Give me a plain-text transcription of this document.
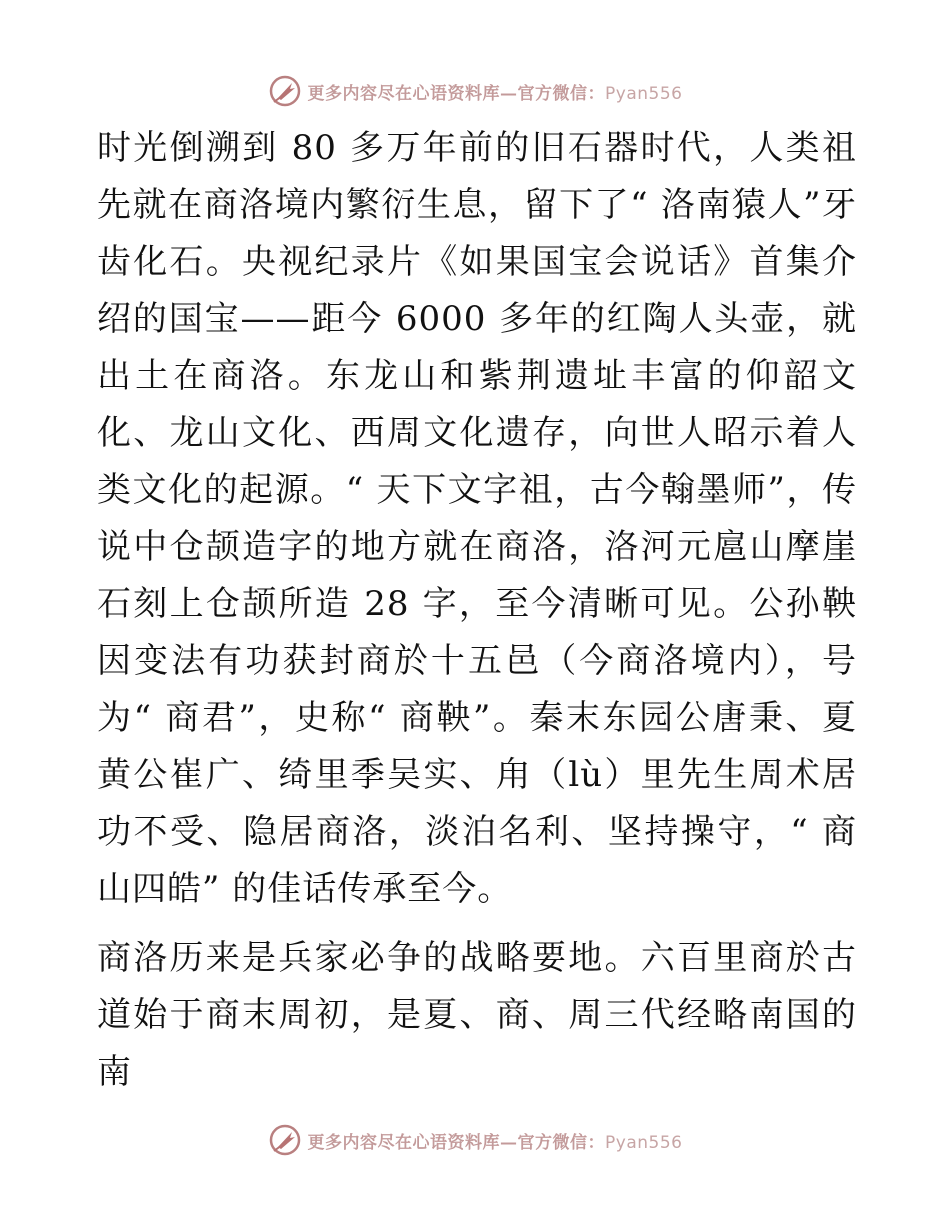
更多内容尽在心语资料库—官方微信：Pyan556

时光倒溯到 80 多万年前的旧石器时代，人类祖先就在商洛境内繁衍生息，留下了“ 洛南猿人”牙齿化石。央视纪录片《如果国宝会说话》首集介绍的国宝——距今 6000 多年的红陶人头壶，就出土在商洛。东龙山和紫荆遗址丰富的仰韶文化、龙山文化、西周文化遗存，向世人昭示着人类文化的起源。“ 天下文字祖，古今翰墨师”，传说中仓颉造字的地方就在商洛，洛河元扈山摩崖石刻上仓颉所造 28 字，至今清晰可见。公孙鞅因变法有功获封商於十五邑（今商洛境内），号为“ 商君”，史称“ 商鞅”。秦末东园公唐秉、夏黄公崔广、绮里季吴实、甪（lù）里先生周术居功不受、隐居商洛，淡泊名利、坚持操守，“ 商山四皓” 的佳话传承至今。

商洛历来是兵家必争的战略要地。六百里商於古道始于商末周初，是夏、商、周三代经略南国的南

更多内容尽在心语资料库—官方微信：Pyan556
